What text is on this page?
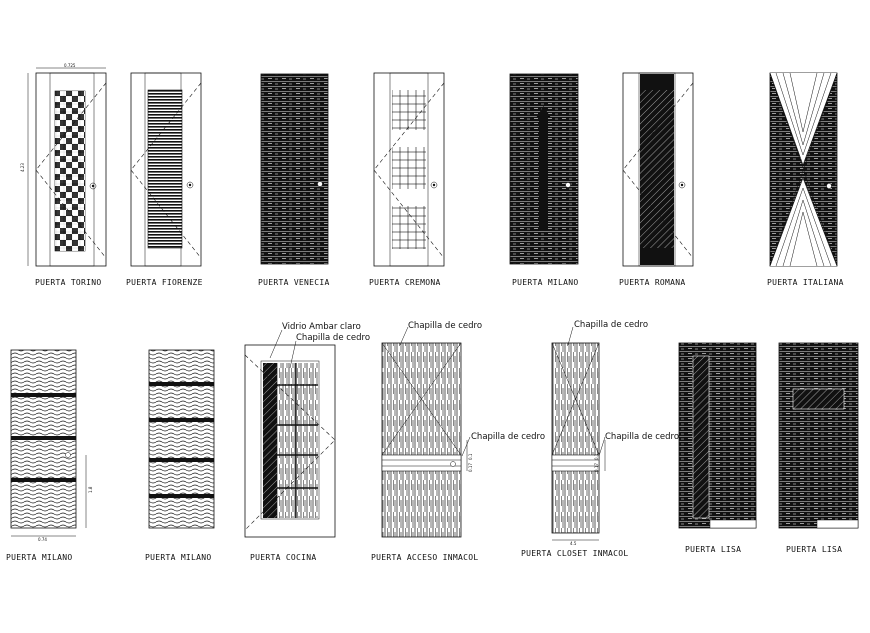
0.725
4.23
PUERTA TORINO	PUERTA FIORENZE	PUERTA VENECIA	PUERTA CREMONA	PUERTA MILANO	PUERTA ROMANA	PUERTA ITALIANA
0.74
1.8
Vidrio Ambar claro
Chapilla de cedro
Chapilla de cedro
Chapilla de cedro
0.17
0.1
Chapilla de cedro
Chapilla de cedro
4.5
0.17
0.1
PUERTA MILANO	PUERTA MILANO	PUERTA COCINA	PUERTA ACCESO INMACOL	PUERTA CLOSET INMACOL	PUERTA LISA	PUERTA LISA
